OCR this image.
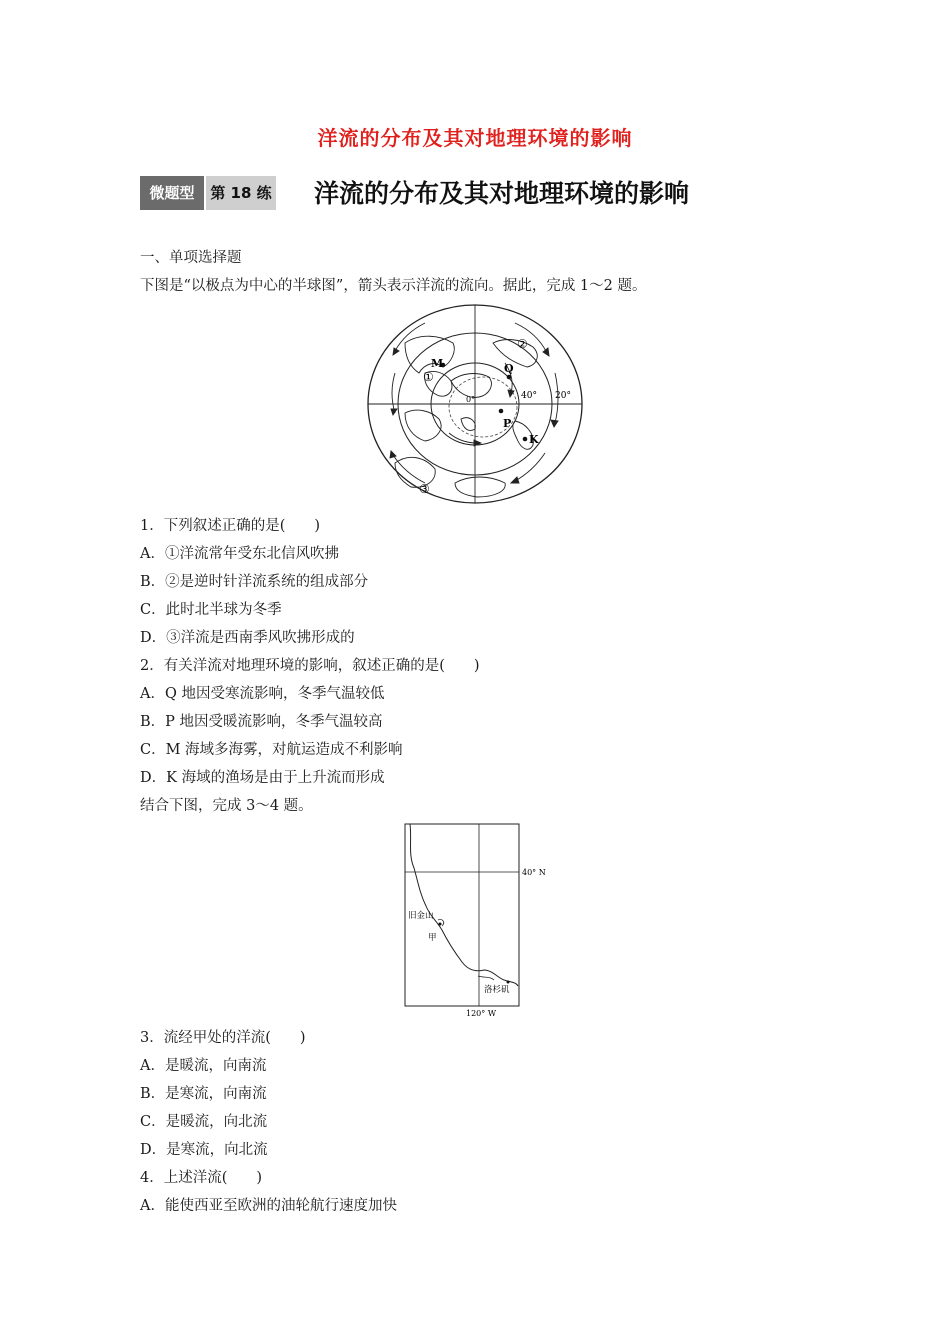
洋流的分布及其对地理环境的影响
微题型	第 18 练 洋流的分布及其对地理环境的影响
一、单项选择题
下图是“以极点为中心的半球图”，箭头表示洋流的流向。据此，完成 1～2 题。
M	Q
P
K
①
②
③
40° 20°
0°
1．下列叙述正确的是(　　)
A．①洋流常年受东北信风吹拂
B．②是逆时针洋流系统的组成部分
C．此时北半球为冬季
D．③洋流是西南季风吹拂形成的
2．有关洋流对地理环境的影响，叙述正确的是(　　)
A．Q 地因受寒流影响，冬季气温较低
B．P 地因受暖流影响，冬季气温较高
C．M 海域多海雾，对航运造成不利影响
D．K 海域的渔场是由于上升流而形成
结合下图，完成 3～4 题。
40° N
120° W
旧金山
甲
洛杉矶
3．流经甲处的洋流(　　)
A．是暖流，向南流
B．是寒流，向南流
C．是暖流，向北流
D．是寒流，向北流
4．上述洋流(　　)
A．能使西亚至欧洲的油轮航行速度加快
